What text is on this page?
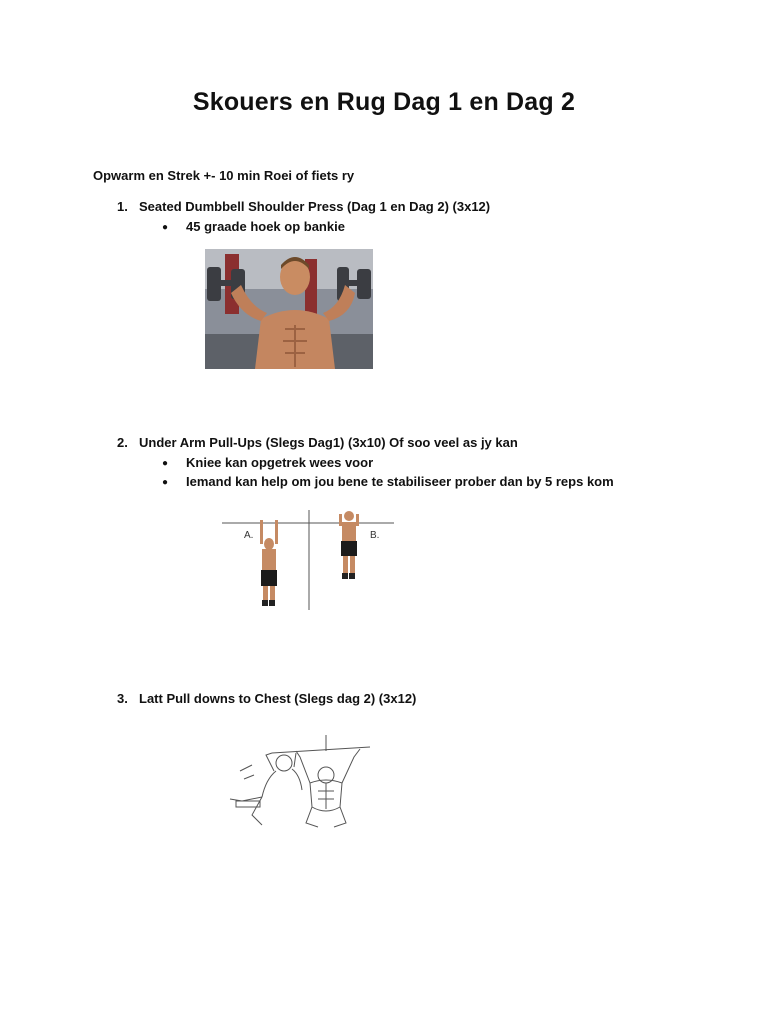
Skouers en Rug Dag 1 en Dag 2
Opwarm en Strek +- 10 min Roei of fiets ry
1. Seated Dumbbell Shoulder Press (Dag 1 en Dag 2) (3x12)
● 45 graade hoek op bankie
2. Under Arm Pull-Ups (Slegs Dag1) (3x10) Of soo veel as jy kan
● Kniee kan opgetrek wees voor
● Iemand kan help om jou bene te stabiliseer prober dan by 5 reps kom
A.	B.
3. Latt Pull downs to Chest (Slegs dag 2) (3x12)
